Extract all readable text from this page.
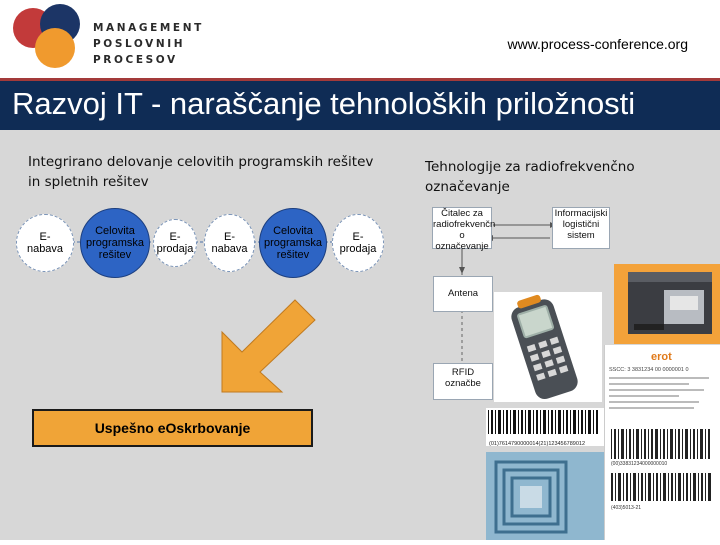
MANAGEMENT
POSLOVNIH
PROCESOV
www.process-conference.org
Razvoj IT - naraščanje tehnoloških priložnosti
Integrirano delovanje celovitih programskih rešitev
in spletnih rešitev
E-
nabava
Celovita
programska
rešitev
E-
prodaja
E-
nabava
Celovita
programska
rešitev
E-
prodaja
Uspešno eOskrbovanje
Tehnologije za radiofrekvenčno
označevanje
Čitalec za
radiofrekvenčn
o označevanje
Informacijski
logistični
sistem
Antena
RFID
označbe
erot
SSCC: 3 3831234 00 0000001 0
(00)33831234000000010
(403)5013-21
(01)7614790000014(21)123456789012
